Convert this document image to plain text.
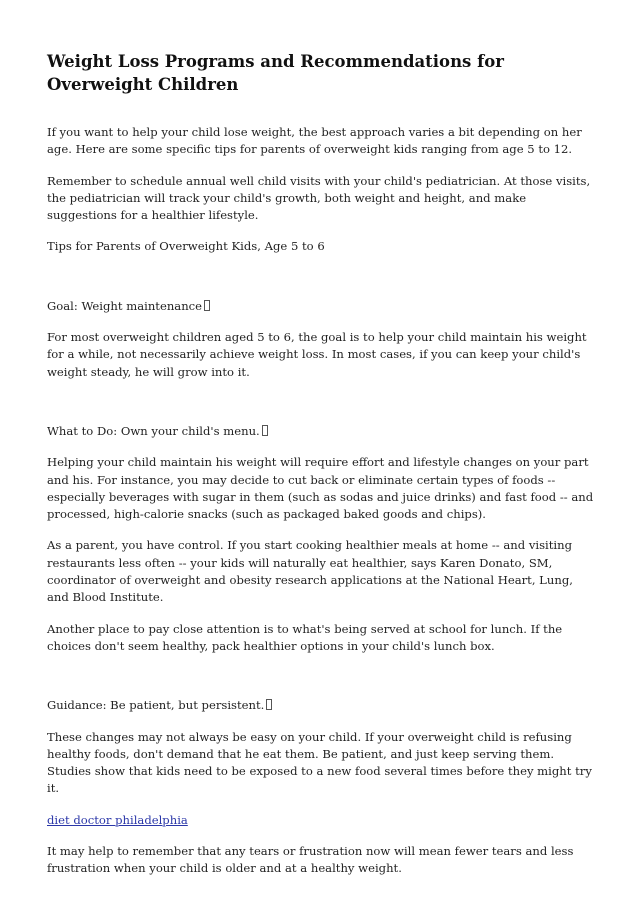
Weight Loss Programs and Recommendations for Overweight Children

If you want to help your child lose weight, the best approach varies a bit depending on her age. Here are some specific tips for parents of overweight kids ranging from age 5 to 12.

Remember to schedule annual well child visits with your child's pediatrician. At those visits, the pediatrician will track your child's growth, both weight and height, and make suggestions for a healthier lifestyle.

Tips for Parents of Overweight Kids, Age 5 to 6

Goal: Weight maintenance

For most overweight children aged 5 to 6, the goal is to help your child maintain his weight for a while, not necessarily achieve weight loss. In most cases, if you can keep your child's weight steady, he will grow into it.

What to Do: Own your child's menu.

Helping your child maintain his weight will require effort and lifestyle changes on your part and his. For instance, you may decide to cut back or eliminate certain types of foods -- especially beverages with sugar in them (such as sodas and juice drinks) and fast food -- and processed, high-calorie snacks (such as packaged baked goods and chips).

As a parent, you have control. If you start cooking healthier meals at home -- and visiting restaurants less often -- your kids will naturally eat healthier, says Karen Donato, SM, coordinator of overweight and obesity research applications at the National Heart, Lung, and Blood Institute.

Another place to pay close attention is to what's being served at school for lunch. If the choices don't seem healthy, pack healthier options in your child's lunch box.

Guidance: Be patient, but persistent.

These changes may not always be easy on your child. If your overweight child is refusing healthy foods, don't demand that he eat them. Be patient, and just keep serving them. Studies show that kids need to be exposed to a new food several times before they might try it.

diet doctor philadelphia

It may help to remember that any tears or frustration now will mean fewer tears and less frustration when your child is older and at a healthy weight.
